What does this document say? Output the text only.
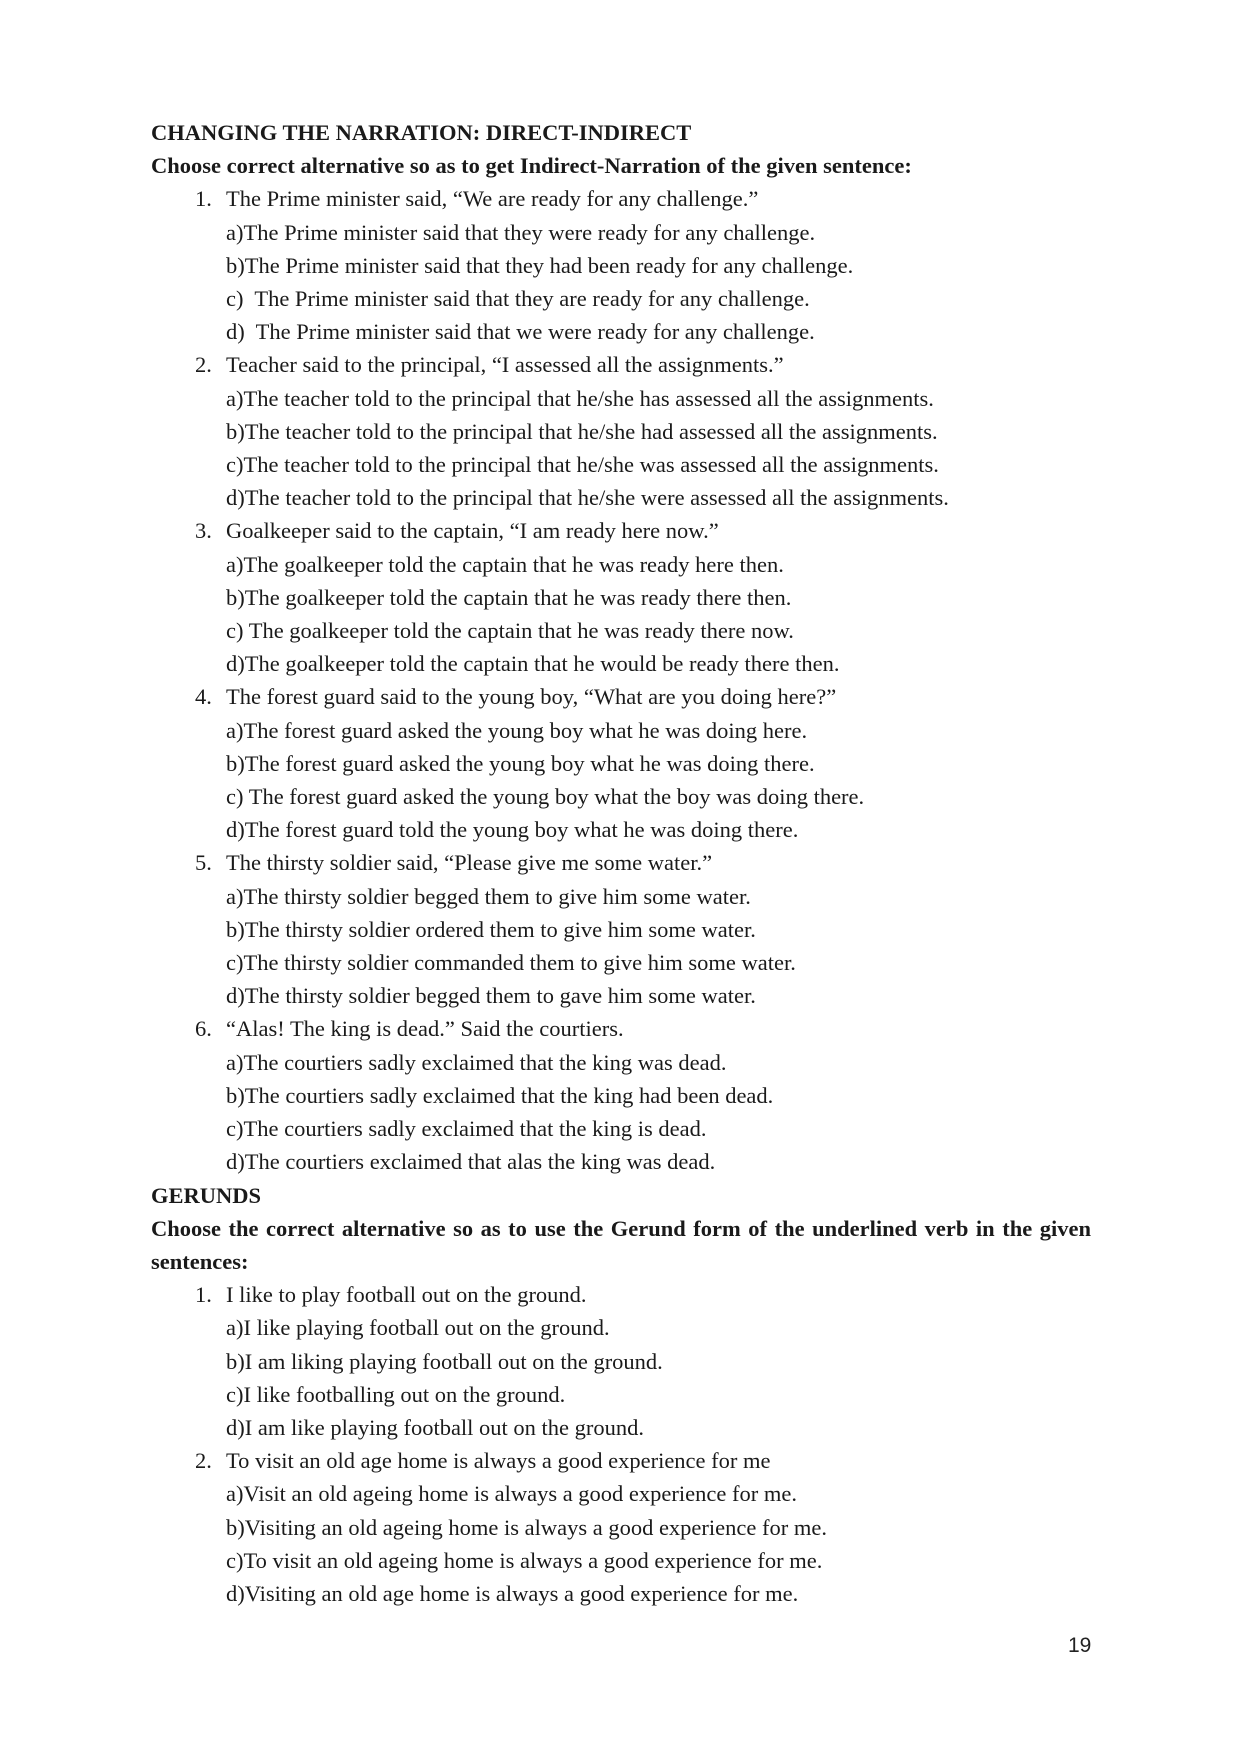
CHANGING THE NARRATION: DIRECT-INDIRECT
Choose correct alternative so as to get Indirect-Narration of the given sentence:
1. The Prime minister said, “We are ready for any challenge.”
a)The Prime minister said that they were ready for any challenge.
b)The Prime minister said that they had been ready for any challenge.
c)  The Prime minister said that they are ready for any challenge.
d)  The Prime minister said that we were ready for any challenge.
2. Teacher said to the principal, “I assessed all the assignments.”
a)The teacher told to the principal that he/she has assessed all the assignments.
b)The teacher told to the principal that he/she had assessed all the assignments.
c)The teacher told to the principal that he/she was assessed all the assignments.
d)The teacher told to the principal that he/she were assessed all the assignments.
3. Goalkeeper said to the captain, “I am ready here now.”
a)The goalkeeper told the captain that he was ready here then.
b)The goalkeeper told the captain that he was ready there then.
c) The goalkeeper told the captain that he was ready there now.
d)The goalkeeper told the captain that he would be ready there then.
4. The forest guard said to the young boy, “What are you doing here?”
a)The forest guard asked the young boy what he was doing here.
b)The forest guard asked the young boy what he was doing there.
c) The forest guard asked the young boy what the boy was doing there.
d)The forest guard told the young boy what he was doing there.
5. The thirsty soldier said, “Please give me some water.”
a)The thirsty soldier begged them to give him some water.
b)The thirsty soldier ordered them to give him some water.
c)The thirsty soldier commanded them to give him some water.
d)The thirsty soldier begged them to gave him some water.
6. “Alas! The king is dead.” Said the courtiers.
a)The courtiers sadly exclaimed that the king was dead.
b)The courtiers sadly exclaimed that the king had been dead.
c)The courtiers sadly exclaimed that the king is dead.
d)The courtiers exclaimed that alas the king was dead.
GERUNDS
Choose the correct alternative so as to use the Gerund form of the underlined verb in the given sentences:
1. I like to play football out on the ground.
a)I like playing football out on the ground.
b)I am liking playing football out on the ground.
c)I like footballing out on the ground.
d)I am like playing football out on the ground.
2. To visit an old age home is always a good experience for me
a)Visit an old ageing home is always a good experience for me.
b)Visiting an old ageing home is always a good experience for me.
c)To visit an old ageing home is always a good experience for me.
d)Visiting an old age home is always a good experience for me.
19
